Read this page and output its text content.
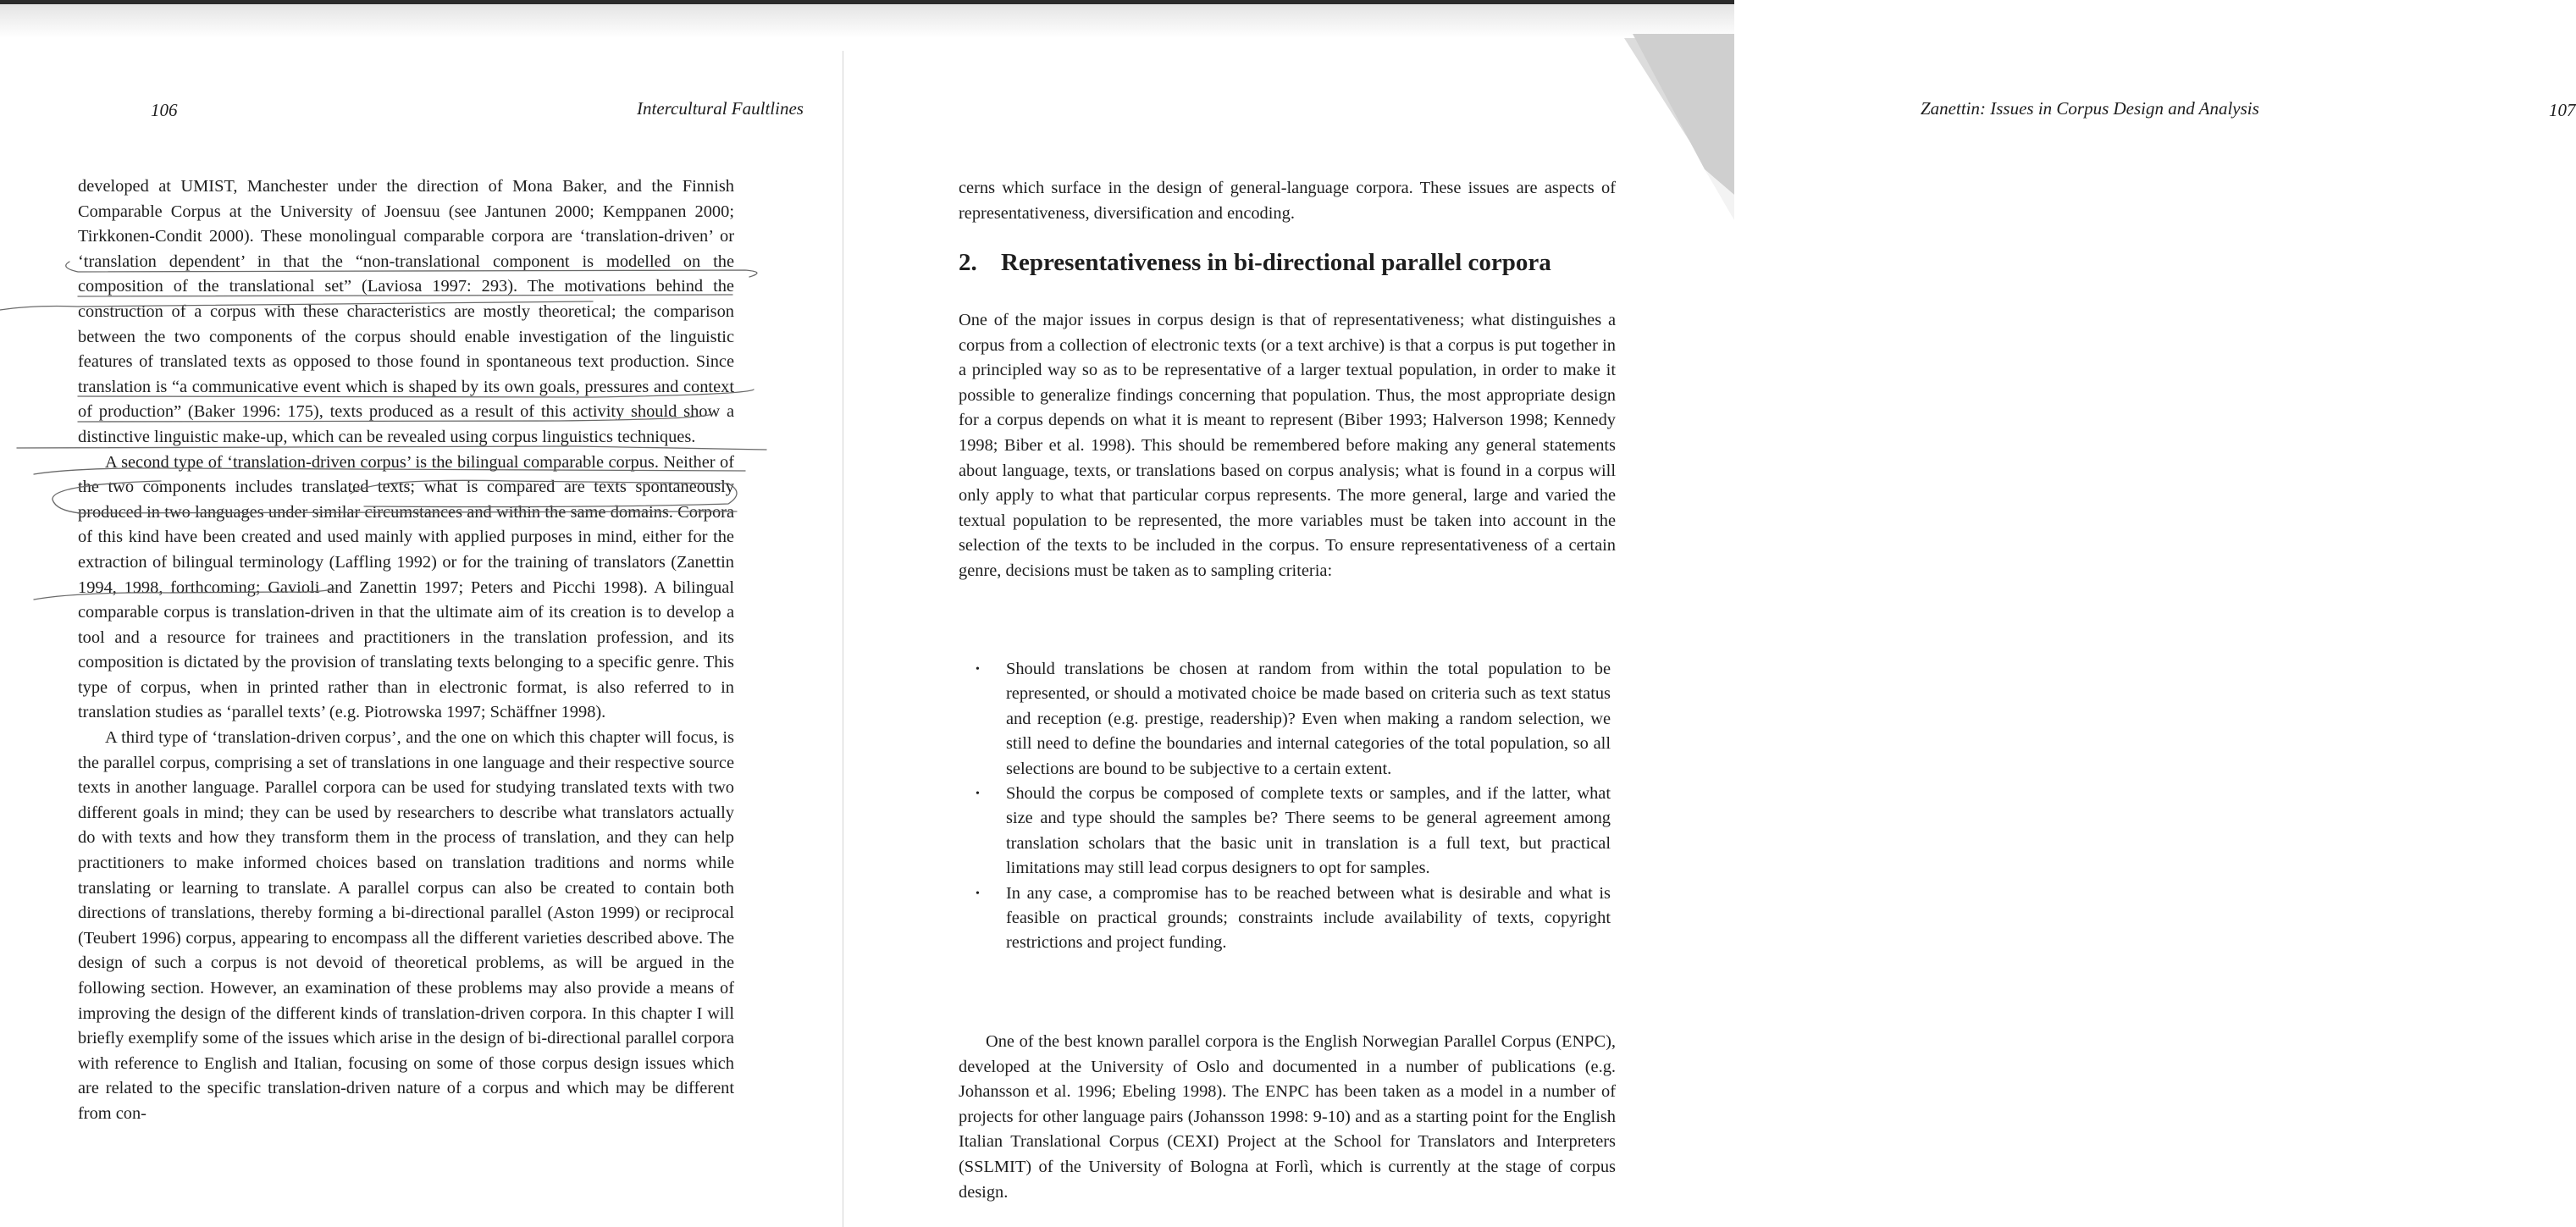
106	Intercultural Faultlines

developed at UMIST, Manchester under the direction of Mona Baker, and the Finnish Comparable Corpus at the University of Joensuu (see Jantunen 2000; Kemppanen 2000; Tirkkonen-Condit 2000). These monolingual comparable corpora are ‘translation-driven’ or ‘translation dependent’ in that the “non-translational component is modelled on the composition of the translational set” (Laviosa 1997: 293). The motivations behind the construction of a corpus with these characteristics are mostly theoretical; the comparison between the two components of the corpus should enable investigation of the linguistic features of translated texts as opposed to those found in spontaneous text production. Since translation is “a communicative event which is shaped by its own goals, pressures and context of production” (Baker 1996: 175), texts produced as a result of this activity should show a distinctive linguistic make-up, which can be revealed using corpus linguistics techniques.

A second type of ‘translation-driven corpus’ is the bilingual comparable corpus. Neither of the two components includes translated texts; what is compared are texts spontaneously produced in two languages under similar circumstances and within the same domains. Corpora of this kind have been created and used mainly with applied purposes in mind, either for the extraction of bilingual terminology (Laffling 1992) or for the training of translators (Zanettin 1994, 1998, forthcoming; Gavioli and Zanettin 1997; Peters and Picchi 1998). A bilingual comparable corpus is translation-driven in that the ultimate aim of its creation is to develop a tool and a resource for trainees and practitioners in the translation profession, and its composition is dictated by the provision of translating texts belonging to a specific genre. This type of corpus, when in printed rather than in electronic format, is also referred to in translation studies as ‘parallel texts’ (e.g. Piotrowska 1997; Schäffner 1998).

A third type of ‘translation-driven corpus’, and the one on which this chapter will focus, is the parallel corpus, comprising a set of translations in one language and their respective source texts in another language. Parallel corpora can be used for studying translated texts with two different goals in mind; they can be used by researchers to describe what translators actually do with texts and how they transform them in the process of translation, and they can help practitioners to make informed choices based on translation traditions and norms while translating or learning to translate. A parallel corpus can also be created to contain both directions of translations, thereby forming a bi-directional parallel (Aston 1999) or reciprocal (Teubert 1996) corpus, appearing to encompass all the different varieties described above. The design of such a corpus is not devoid of theoretical problems, as will be argued in the following section. However, an examination of these problems may also provide a means of improving the design of the different kinds of translation-driven corpora. In this chapter I will briefly exemplify some of the issues which arise in the design of bi-directional parallel corpora with reference to English and Italian, focusing on some of those corpus design issues which are related to the specific translation-driven nature of a corpus and which may be different from con-

Zanettin: Issues in Corpus Design and Analysis	107
cerns which surface in the design of general-language corpora. These issues are aspects of representativeness, diversification and encoding.
2. Representativeness in bi-directional parallel corpora
One of the major issues in corpus design is that of representativeness; what distinguishes a corpus from a collection of electronic texts (or a text archive) is that a corpus is put together in a principled way so as to be representative of a larger textual population, in order to make it possible to generalize findings concerning that population. Thus, the most appropriate design for a corpus depends on what it is meant to represent (Biber 1993; Halverson 1998; Kennedy 1998; Biber et al. 1998). This should be remembered before making any general statements about language, texts, or translations based on corpus analysis; what is found in a corpus will only apply to what that particular corpus represents. The more general, large and varied the textual population to be represented, the more variables must be taken into account in the selection of the texts to be included in the corpus. To ensure representativeness of a certain genre, decisions must be taken as to sampling criteria:
•	Should translations be chosen at random from within the total population to be represented, or should a motivated choice be made based on criteria such as text status and reception (e.g. prestige, readership)? Even when making a random selection, we still need to define the boundaries and internal categories of the total population, so all selections are bound to be subjective to a certain extent.
•	Should the corpus be composed of complete texts or samples, and if the latter, what size and type should the samples be? There seems to be general agreement among translation scholars that the basic unit in translation is a full text, but practical limitations may still lead corpus designers to opt for samples.
•	In any case, a compromise has to be reached between what is desirable and what is feasible on practical grounds; constraints include availability of texts, copyright restrictions and project funding.
One of the best known parallel corpora is the English Norwegian Parallel Corpus (ENPC), developed at the University of Oslo and documented in a number of publications (e.g. Johansson et al. 1996; Ebeling 1998). The ENPC has been taken as a model in a number of projects for other language pairs (Johansson 1998: 9-10) and as a starting point for the English Italian Translational Corpus (CEXI) Project at the School for Translators and Interpreters (SSLMIT) of the University of Bologna at Forlì, which is currently at the stage of corpus design.
